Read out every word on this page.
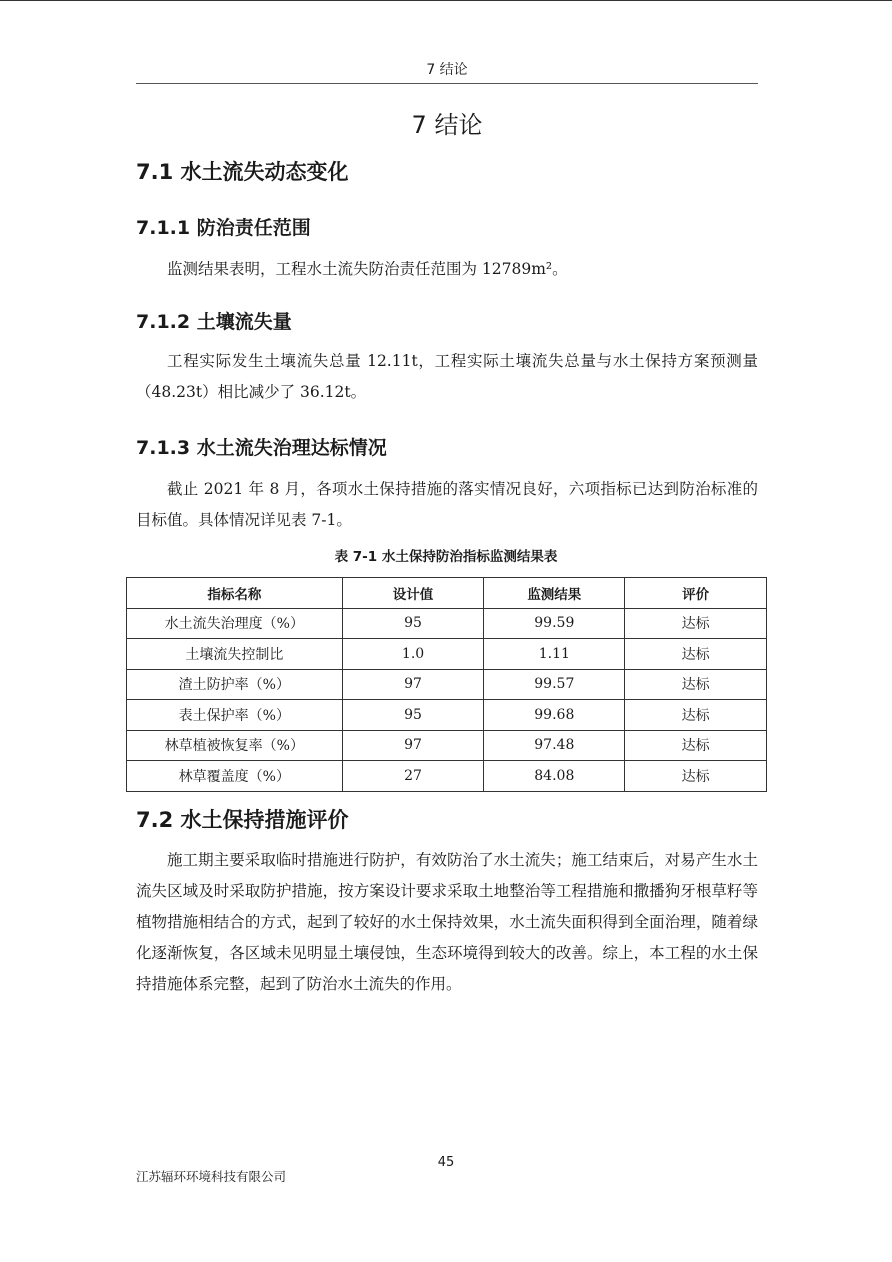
7 结论
7 结论
7.1 水土流失动态变化
7.1.1 防治责任范围

监测结果表明，工程水土流失防治责任范围为 12789m²。

7.1.2 土壤流失量

工程实际发生土壤流失总量 12.11t，工程实际土壤流失总量与水土保持方案预测量（48.23t）相比减少了 36.12t。

7.1.3 水土流失治理达标情况

截止 2021 年 8 月，各项水土保持措施的落实情况良好，六项指标已达到防治标准的目标值。具体情况详见表 7-1。

表 7-1 水土保持防治指标监测结果表
指标名称	设计值	监测结果	评价
水土流失治理度（%）	95	99.59	达标
土壤流失控制比	1.0	1.11	达标
渣土防护率（%）	97	99.57	达标
表土保护率（%）	95	99.68	达标
林草植被恢复率（%）	97	97.48	达标
林草覆盖度（%）	27	84.08	达标
7.2 水土保持措施评价

施工期主要采取临时措施进行防护，有效防治了水土流失；施工结束后，对易产生水土流失区域及时采取防护措施，按方案设计要求采取土地整治等工程措施和撒播狗牙根草籽等植物措施相结合的方式，起到了较好的水土保持效果，水土流失面积得到全面治理，随着绿化逐渐恢复，各区域未见明显土壤侵蚀，生态环境得到较大的改善。综上，本工程的水土保持措施体系完整，起到了防治水土流失的作用。

45
江苏辐环环境科技有限公司
